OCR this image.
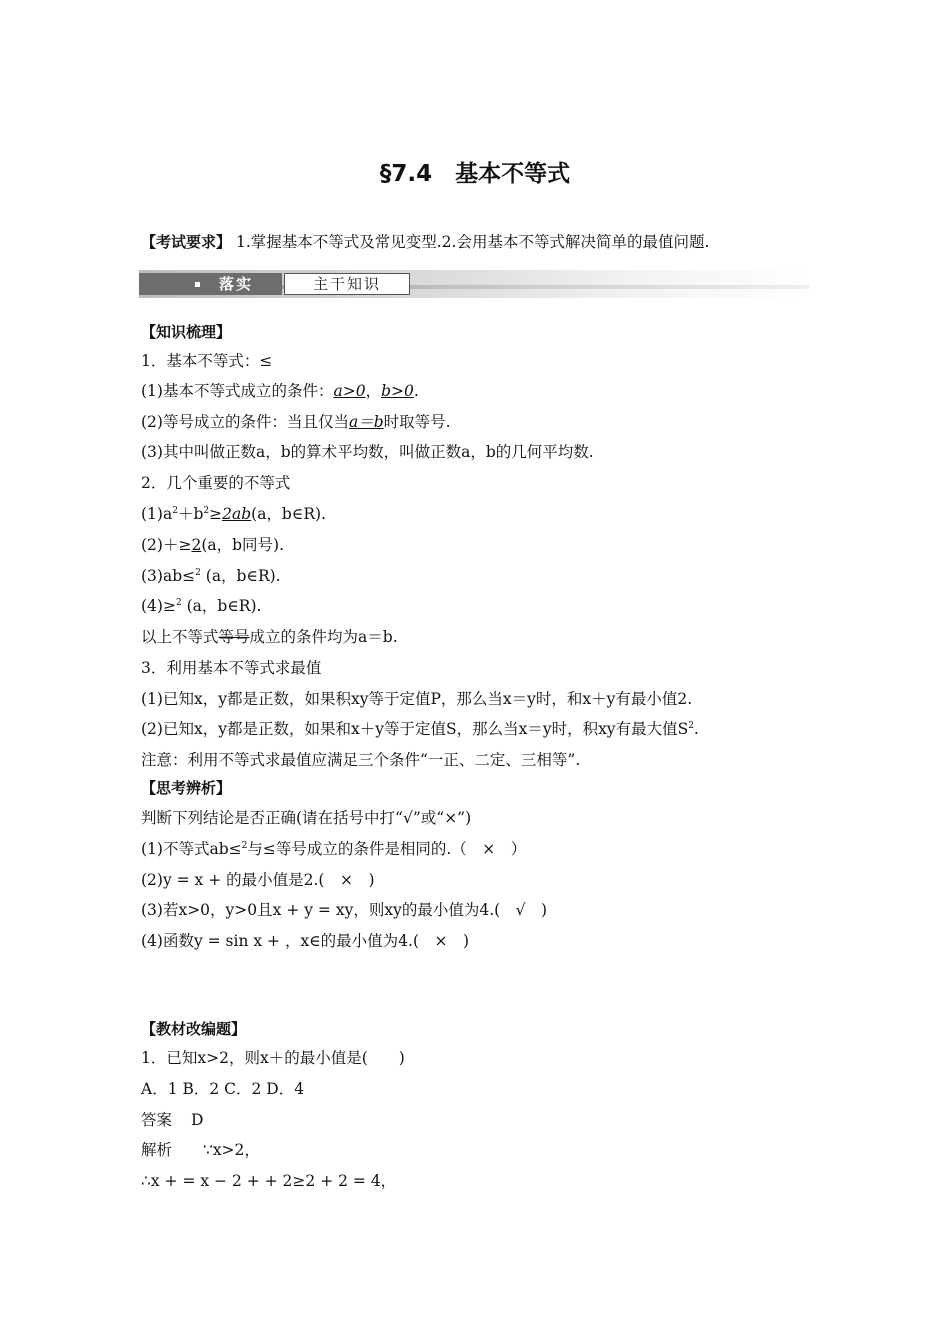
§7.4　基本不等式
【考试要求】 1.掌握基本不等式及常见变型.2.会用基本不等式解决简单的最值问题.
落实	主干知识
【知识梳理】
1．基本不等式：≤
(1)基本不等式成立的条件：a>0，b>0.
(2)等号成立的条件：当且仅当a＝b时取等号.
(3)其中叫做正数a，b的算术平均数，叫做正数a，b的几何平均数.
2．几个重要的不等式
$(1)a^2+b^2\ge 2ab(a$，b∈R).
(2)＋≥2(a，b同号).
(3)ab≤$^2$ (a，b∈R).
(4)≥$^2$ (a，b∈R).
以上不等式等号成立的条件均为a＝b.
3．利用基本不等式求最值
(1)已知x，y都是正数，如果积xy等于定值P，那么当x＝y时，和x＋y有最小值2.
(2)已知x，y都是正数，如果和x＋y等于定值S，那么当x＝y时，积xy有最大值$S^2$.
注意：利用不等式求最值应满足三个条件“一正、二定、三相等”.
【思考辨析】
判断下列结论是否正确(请在括号中打“√”或“×”)
(1)不等式ab≤$^2$与≤等号成立的条件是相同的.（　×　）
(2)y = x + 的最小值是2.(　×　)
(3)若x>0，y>0且x + y = xy，则xy的最小值为4.(　√　)
(4)函数y = sin x + ，x∈的最小值为4.(　×　)
【教材改编题】
1．已知x>2，则x＋的最小值是(　　)
A．1 B．2 C．2 D．4
答案 D
解析 ∵x>2，
∴x + = x − 2 + + 2≥2 + 2 = 4，
